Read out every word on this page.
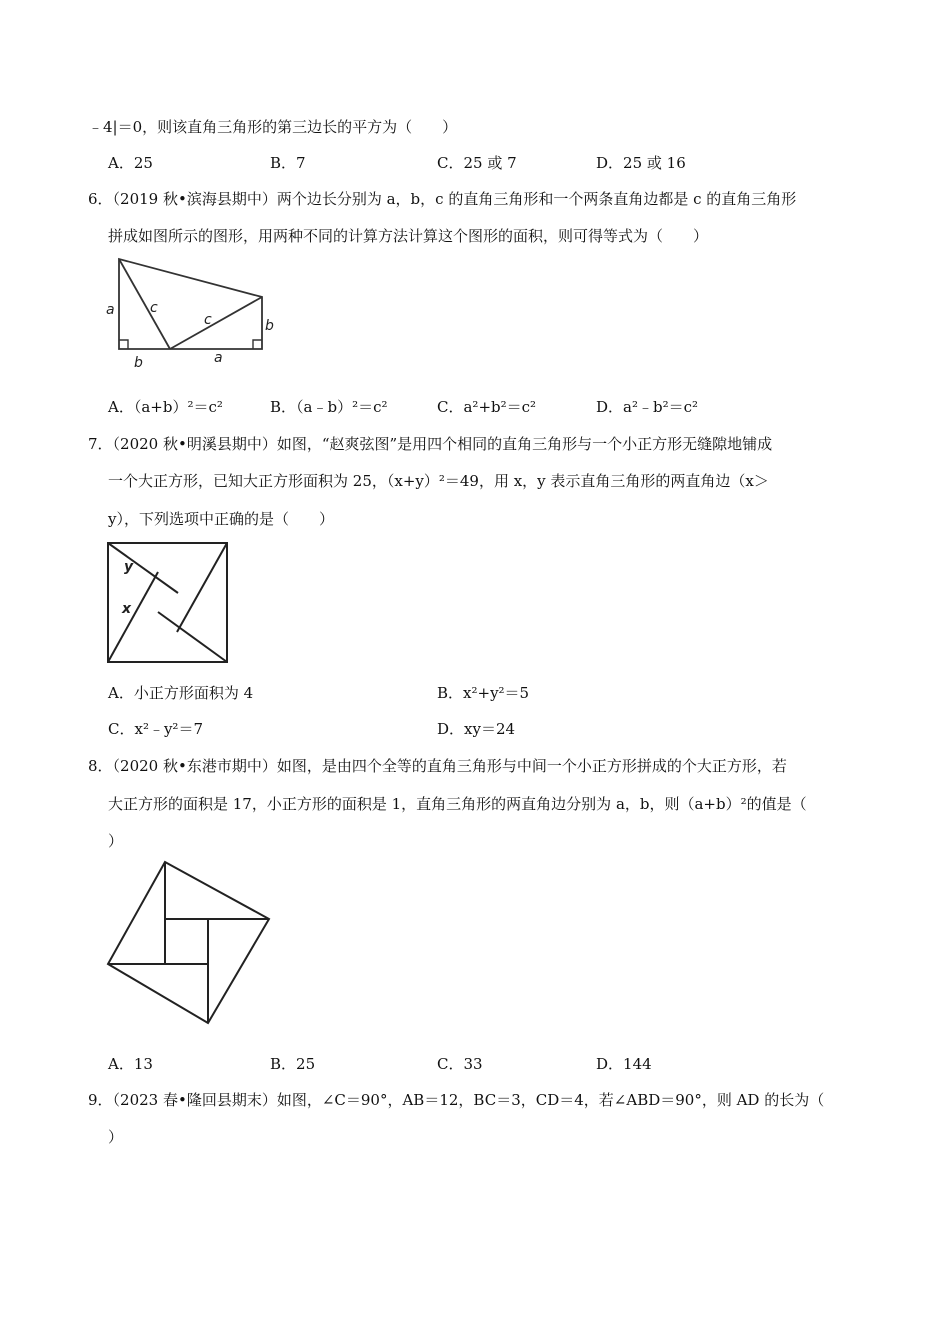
﹣4|＝0，则该直角三角形的第三边长的平方为（　　）
A．25	B．7	C．25 或 7	D．25 或 16
6．（2019 秋•滨海县期中）两个边长分别为 a，b，c 的直角三角形和一个两条直角边都是 c 的直角三角形
拼成如图所示的图形，用两种不同的计算方法计算这个图形的面积，则可得等式为（　　）
a	c
c	b
b	a
A．（a+b）²＝c²	B．（a﹣b）²＝c²	C．a²+b²＝c²	D．a²﹣b²＝c²
7．（2020 秋•明溪县期中）如图，“赵爽弦图”是用四个相同的直角三角形与一个小正方形无缝隙地铺成
一个大正方形，已知大正方形面积为 25，（x+y）²＝49，用 x，y 表示直角三角形的两直角边（x＞
y），下列选项中正确的是（　　）
y
x
A．小正方形面积为 4	B．x²+y²＝5
C．x²﹣y²＝7	D．xy＝24
8．（2020 秋•东港市期中）如图，是由四个全等的直角三角形与中间一个小正方形拼成的个大正方形，若
大正方形的面积是 17，小正方形的面积是 1，直角三角形的两直角边分别为 a，b，则（a+b）²的值是（
）
A．13	B．25	C．33	D．144
9．（2023 春•隆回县期末）如图，∠C＝90°，AB＝12，BC＝3，CD＝4，若∠ABD＝90°，则 AD 的长为（
）
